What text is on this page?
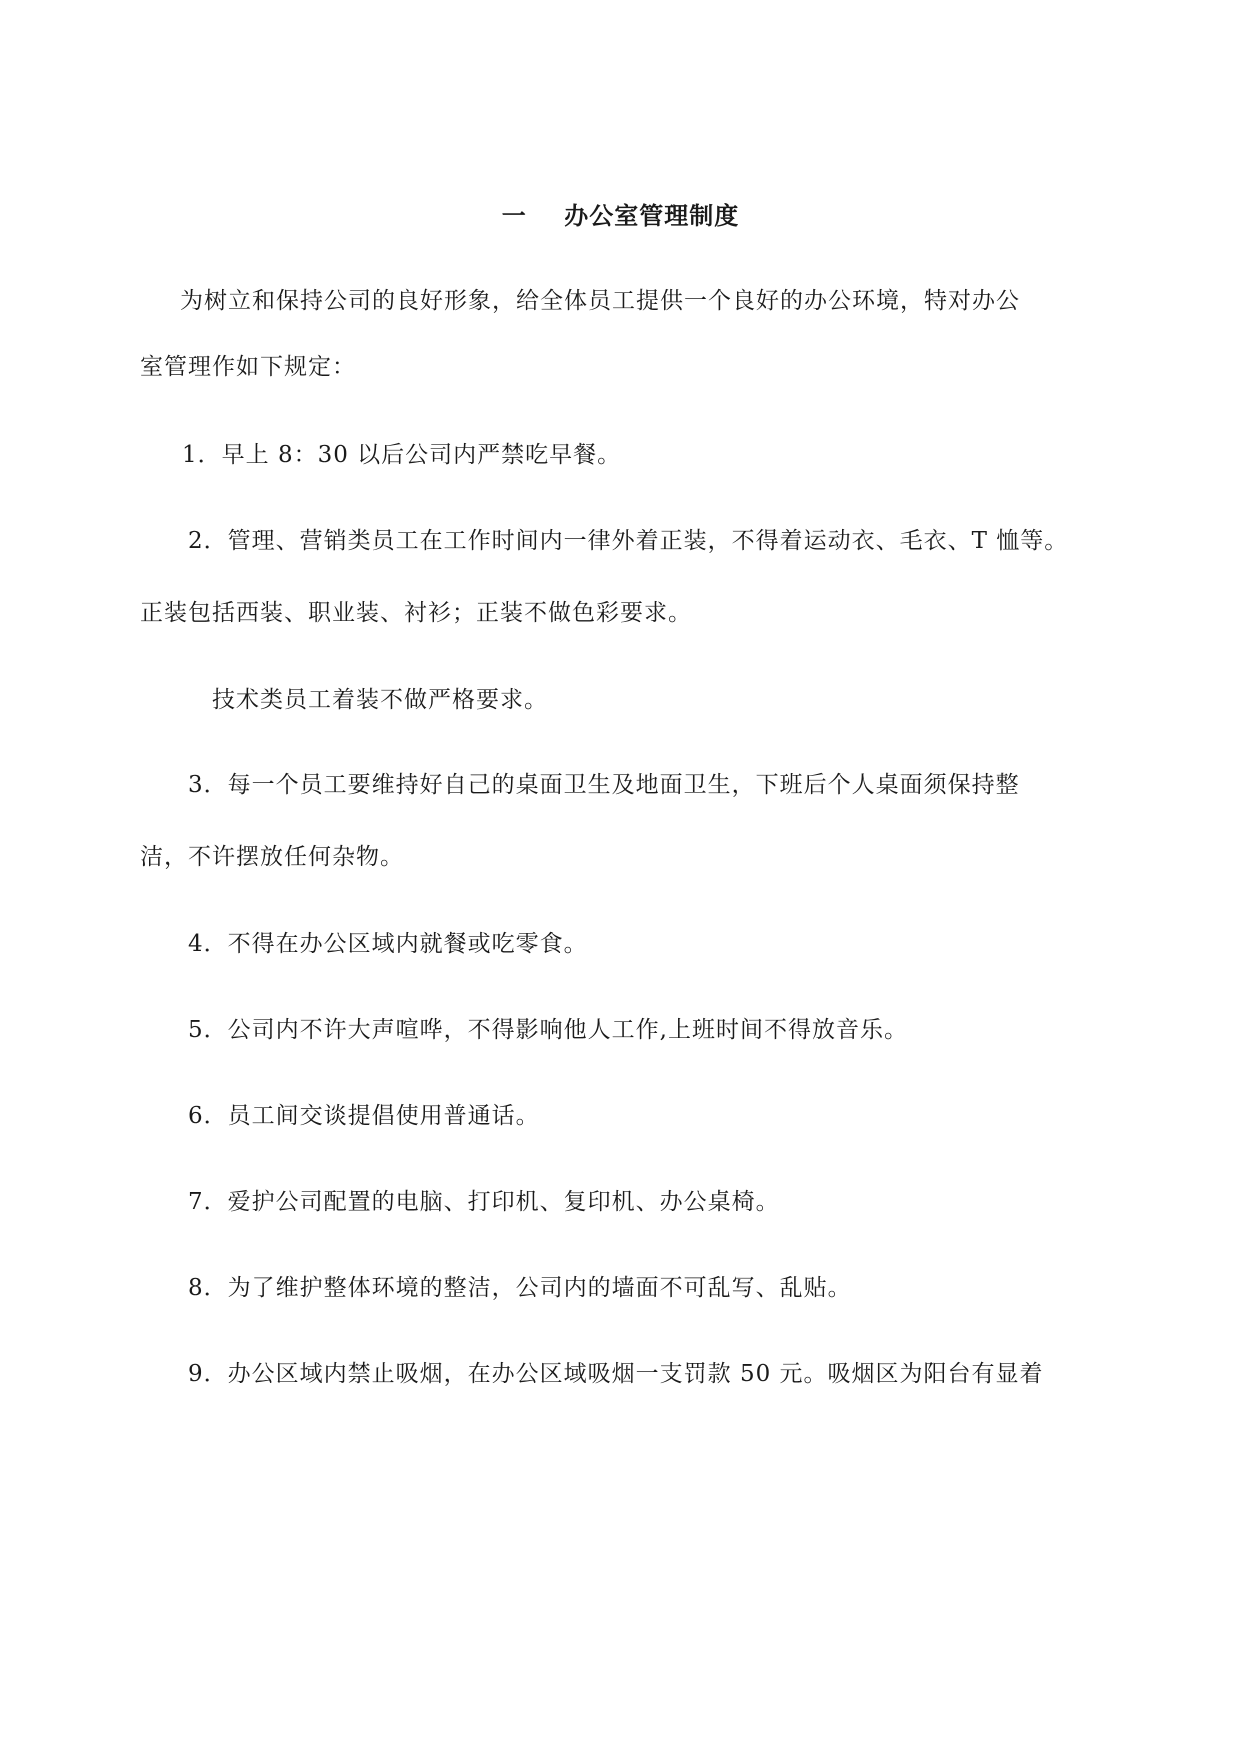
一    办公室管理制度
为树立和保持公司的良好形象，给全体员工提供一个良好的办公环境，特对办公
室管理作如下规定：
1．早上 8：30 以后公司内严禁吃早餐。
2．管理、营销类员工在工作时间内一律外着正装，不得着运动衣、毛衣、T 恤等。
正装包括西装、职业装、衬衫；正装不做色彩要求。
技术类员工着装不做严格要求。
3．每一个员工要维持好自己的桌面卫生及地面卫生，下班后个人桌面须保持整
洁，不许摆放任何杂物。
4．不得在办公区域内就餐或吃零食。
5．公司内不许大声喧哗，不得影响他人工作,上班时间不得放音乐。
6．员工间交谈提倡使用普通话。
7．爱护公司配置的电脑、打印机、复印机、办公桌椅。
8．为了维护整体环境的整洁，公司内的墙面不可乱写、乱贴。
9．办公区域内禁止吸烟，在办公区域吸烟一支罚款 50 元。吸烟区为阳台有显着
